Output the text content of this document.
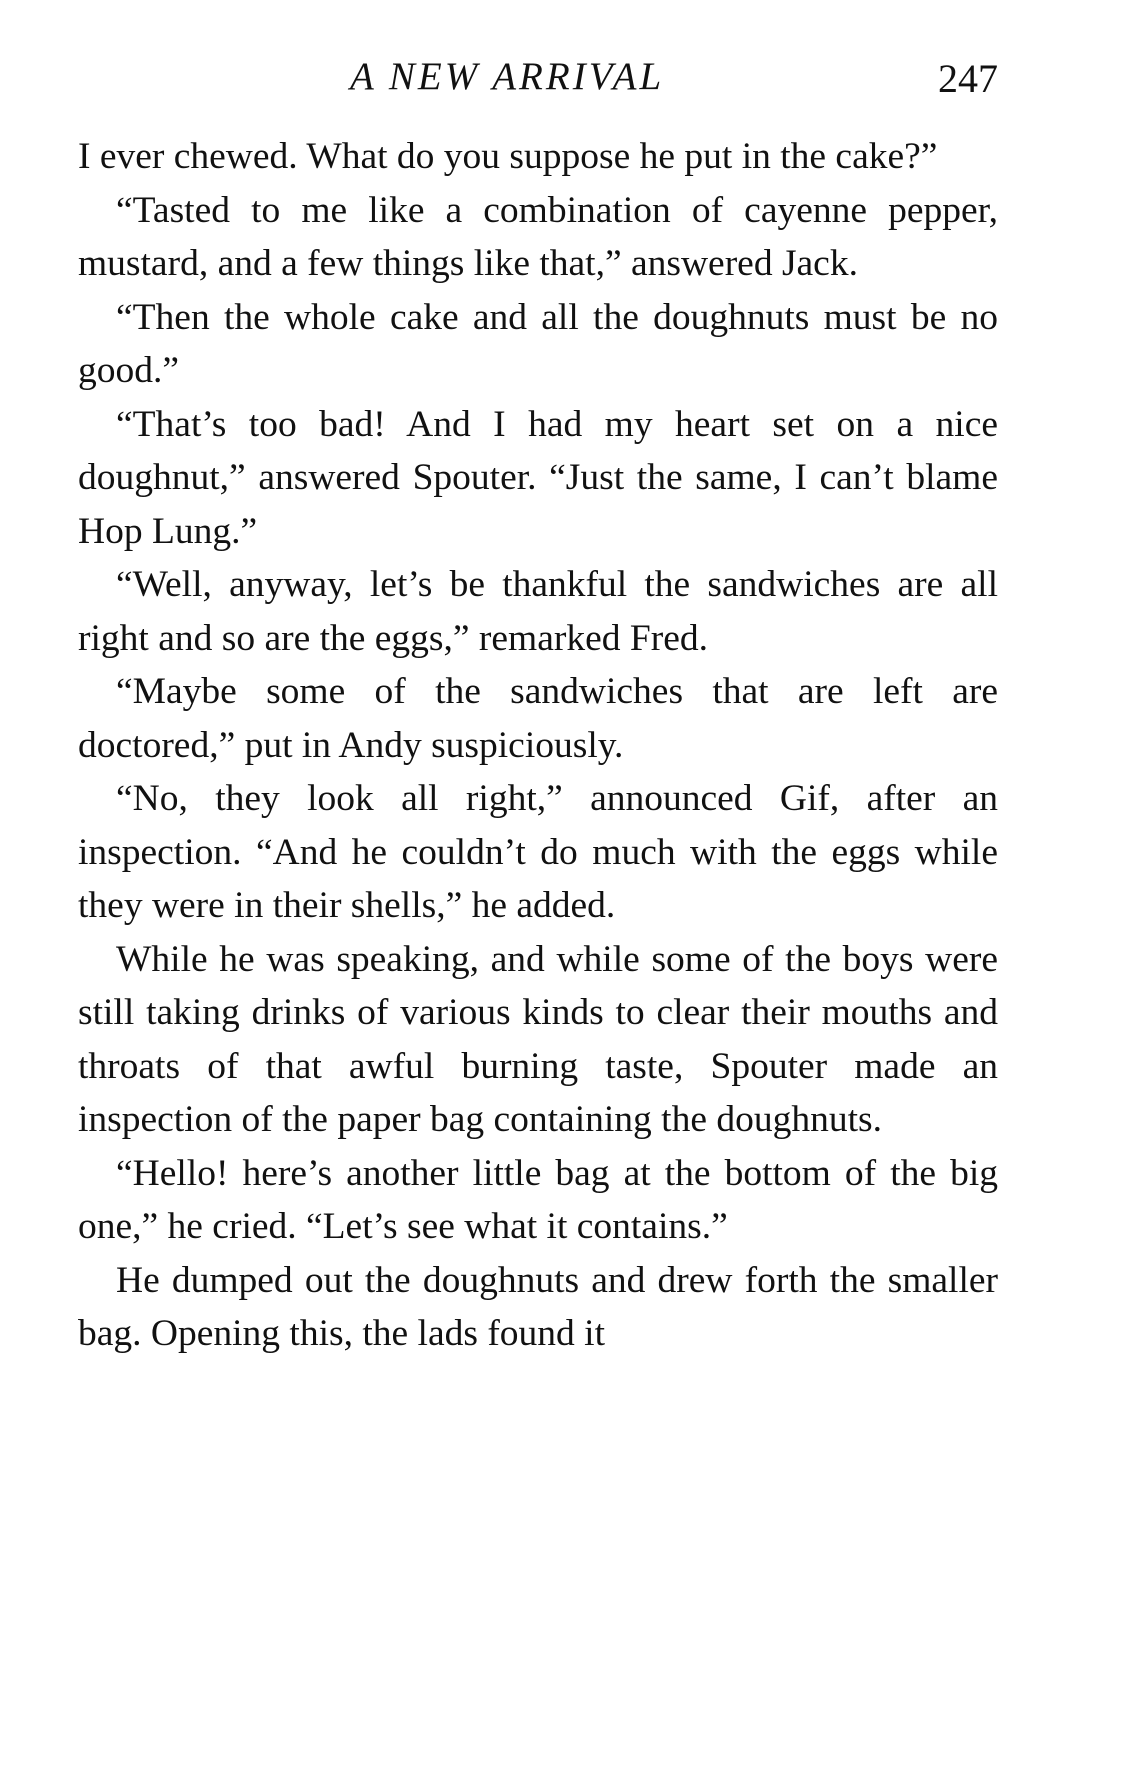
A NEW ARRIVAL	247

I ever chewed. What do you suppose he put in the cake?”

“Tasted to me like a combination of cayenne pepper, mustard, and a few things like that,” answered Jack.

“Then the whole cake and all the doughnuts must be no good.”

“That’s too bad! And I had my heart set on a nice doughnut,” answered Spouter. “Just the same, I can’t blame Hop Lung.”

“Well, anyway, let’s be thankful the sandwiches are all right and so are the eggs,” remarked Fred.

“Maybe some of the sandwiches that are left are doctored,” put in Andy suspiciously.

“No, they look all right,” announced Gif, after an inspection. “And he couldn’t do much with the eggs while they were in their shells,” he added.

While he was speaking, and while some of the boys were still taking drinks of various kinds to clear their mouths and throats of that awful burning taste, Spouter made an inspection of the paper bag containing the doughnuts.

“Hello! here’s another little bag at the bottom of the big one,” he cried. “Let’s see what it contains.”

He dumped out the doughnuts and drew forth the smaller bag. Opening this, the lads found it
